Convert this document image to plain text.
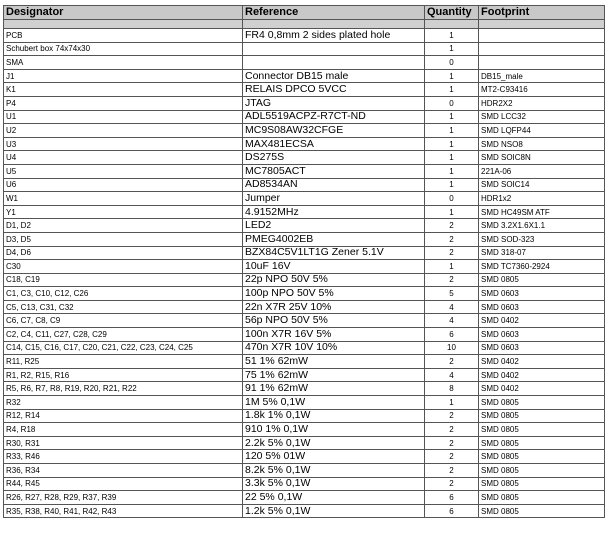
Designator	Reference	Quantity	Footprint

PCB	FR4 0,8mm 2 sides plated hole	1	
Schubert box 74x74x30		1	
SMA		0	
J1	Connector DB15 male	1	DB15_male
K1	RELAIS DPCO 5VCC	1	MT2-C93416
P4	JTAG	0	HDR2X2
U1	ADL5519ACPZ-R7CT-ND	1	SMD LCC32
U2	MC9S08AW32CFGE	1	SMD LQFP44
U3	MAX481ECSA	1	SMD NSO8
U4	DS275S	1	SMD SOIC8N
U5	MC7805ACT	1	221A-06
U6	AD8534AN	1	SMD SOIC14
W1	Jumper	0	HDR1x2
Y1	4.9152MHz	1	SMD HC49SM ATF
D1, D2	LED2	2	SMD 3.2X1.6X1.1
D3, D5	PMEG4002EB	2	SMD SOD-323
D4, D6	BZX84C5V1LT1G Zener 5.1V	2	SMD 318-07
C30	10uF 16V	1	SMD TC7360-2924
C18, C19	22p NPO 50V 5%	2	SMD 0805
C1, C3, C10, C12, C26	100p NPO 50V 5%	5	SMD 0603
C5, C13, C31, C32	22n X7R 25V 10%	4	SMD 0603
C6, C7, C8, C9	56p NPO 50V 5%	4	SMD 0402
C2, C4, C11, C27, C28, C29	100n X7R 16V 5%	6	SMD 0603
C14, C15, C16, C17, C20, C21, C22, C23, C24, C25	470n X7R 10V 10%	10	SMD 0603
R11, R25	51 1% 62mW	2	SMD 0402
R1, R2, R15, R16	75 1% 62mW	4	SMD 0402
R5, R6, R7, R8, R19, R20, R21, R22	91 1% 62mW	8	SMD 0402
R32	1M 5% 0,1W	1	SMD 0805
R12, R14	1.8k 1% 0,1W	2	SMD 0805
R4, R18	910 1% 0,1W	2	SMD 0805
R30, R31	2.2k 5% 0,1W	2	SMD 0805
R33, R46	120 5% 01W	2	SMD 0805
R36, R34	8.2k 5% 0,1W	2	SMD 0805
R44, R45	3.3k 5% 0,1W	2	SMD 0805
R26, R27, R28, R29, R37, R39	22 5% 0,1W	6	SMD 0805
R35, R38, R40, R41, R42, R43	1.2k 5% 0,1W	6	SMD 0805
